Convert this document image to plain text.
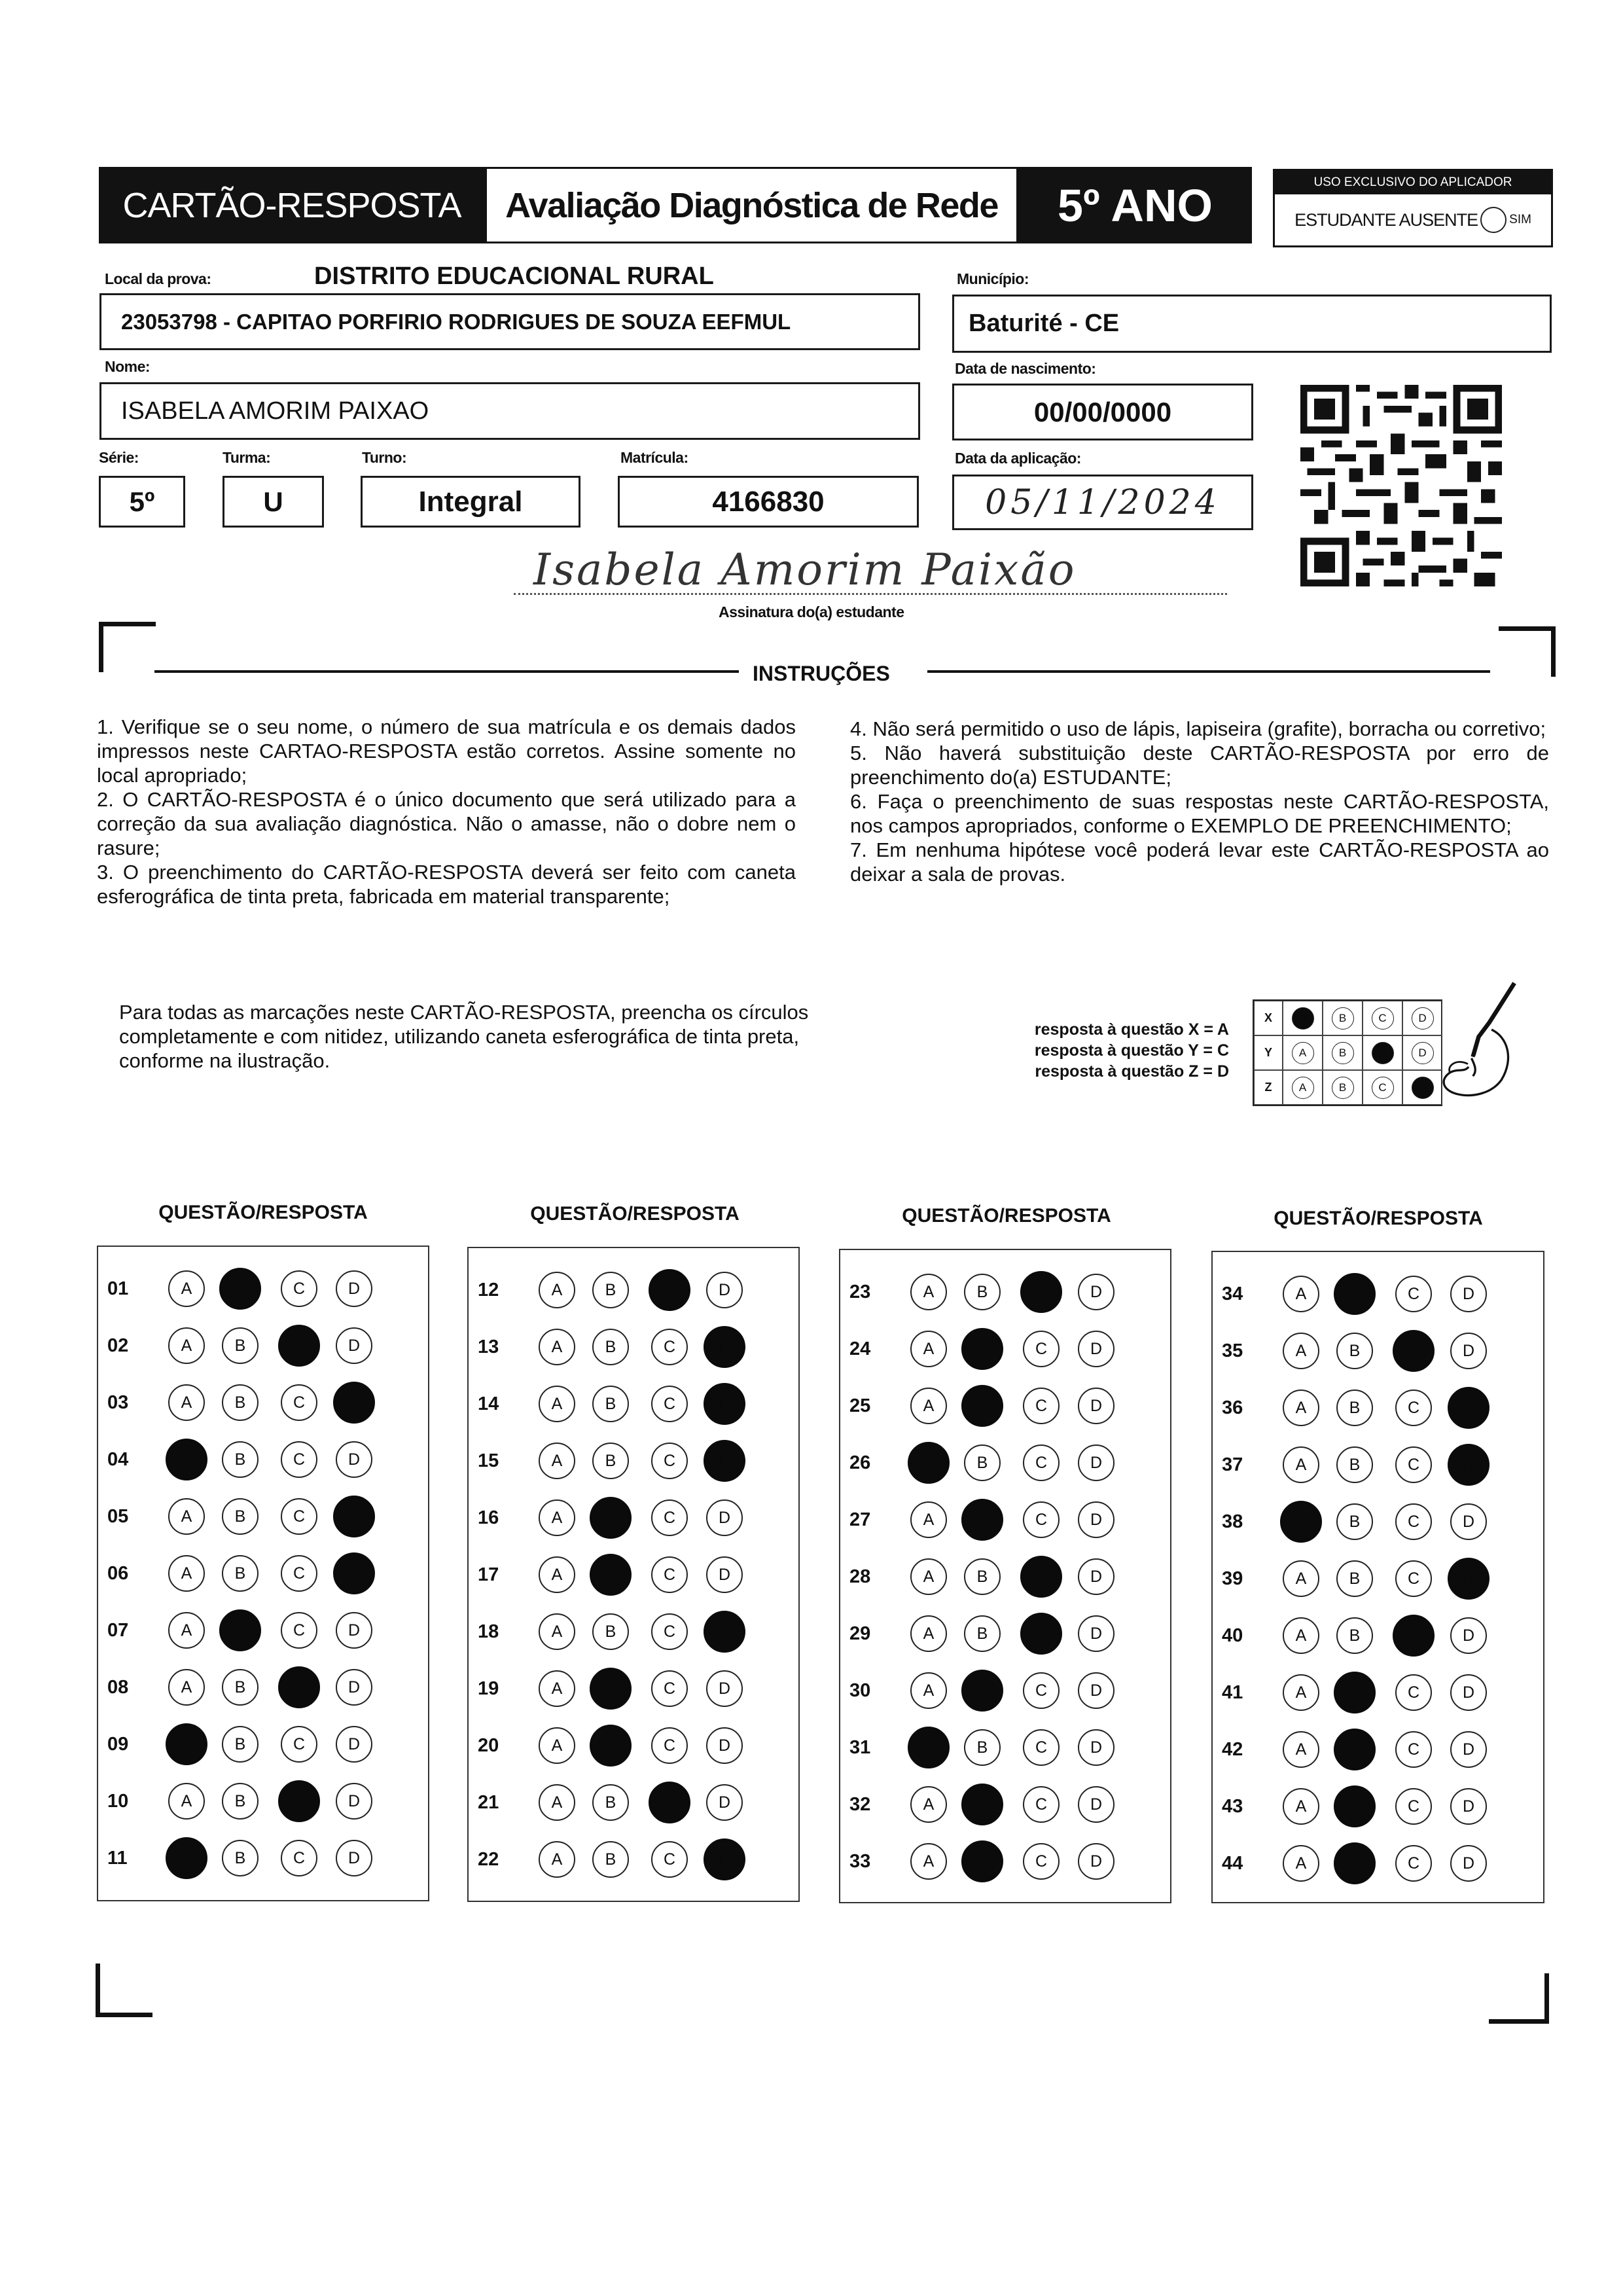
CARTÃO-RESPOSTA Avaliação Diagnóstica de Rede 5º ANO	USO EXCLUSIVO DO APLICADOR
ESTUDANTE AUSENTE	SIM
Local da prova:	DISTRITO EDUCACIONAL RURAL
23053798 - CAPITAO PORFIRIO RODRIGUES DE SOUZA EEFMUL
Município:
Baturité - CE
Nome:
ISABELA AMORIM PAIXAO
Data de nascimento:
00/00/0000
Série:
5º
Turma:
U
Turno:
Integral
Matrícula:
4166830
Data da aplicação:
05/11/2024
Isabela Amorim Paixão
Assinatura do(a) estudante
INSTRUÇÕES

1. Verifique se o seu nome, o número de sua matrícula e os demais dados impressos neste CARTAO-RESPOSTA estão corretos. Assine somente no local apropriado;

2. O CARTÃO-RESPOSTA é o único documento que será utilizado para a correção da sua avaliação diagnóstica. Não o amasse, não o dobre nem o rasure;

3. O preenchimento do CARTÃO-RESPOSTA deverá ser feito com caneta esferográfica de tinta preta, fabricada em material transparente;

4. Não será permitido o uso de lápis, lapiseira (grafite), borracha ou corretivo;

5. Não haverá substituição deste CARTÃO-RESPOSTA por erro de preenchimento do(a) ESTUDANTE;

6. Faça o preenchimento de suas respostas neste CARTÃO-RESPOSTA, nos campos apropriados, conforme o EXEMPLO DE PREENCHIMENTO;

7. Em nenhuma hipótese você poderá levar este CARTÃO-RESPOSTA ao deixar a sala de provas.

Para todas as marcações neste CARTÃO-RESPOSTA, preencha os círculos completamente e com nitidez, utilizando caneta esferográfica de tinta preta, conforme na ilustração.

resposta à questão X = A
resposta à questão Y = C
resposta à questão Z = D
X	A	B	C	D
Y	A	B	C	D
Z	A	B	C	D
QUESTÃO/RESPOSTA
01	A	B	C	D
02	A	B	C	D
03	A	B	C	D
04	A	B	C	D
05	A	B	C	D
06	A	B	C	D
07	A	B	C	D
08	A	B	C	D
09	A	B	C	D
10	A	B	C	D
11	A	B	C	D
QUESTÃO/RESPOSTA
12	A	B	C	D
13	A	B	C	D
14	A	B	C	D
15	A	B	C	D
16	A	B	C	D
17	A	B	C	D
18	A	B	C	D
19	A	B	C	D
20	A	B	C	D
21	A	B	C	D
22	A	B	C	D
QUESTÃO/RESPOSTA
23	A	B	C	D
24	A	B	C	D
25	A	B	C	D
26	A	B	C	D
27	A	B	C	D
28	A	B	C	D
29	A	B	C	D
30	A	B	C	D
31	A	B	C	D
32	A	B	C	D
33	A	B	C	D
QUESTÃO/RESPOSTA
34	A	B	C	D
35	A	B	C	D
36	A	B	C	D
37	A	B	C	D
38	A	B	C	D
39	A	B	C	D
40	A	B	C	D
41	A	B	C	D
42	A	B	C	D
43	A	B	C	D
44	A	B	C	D
